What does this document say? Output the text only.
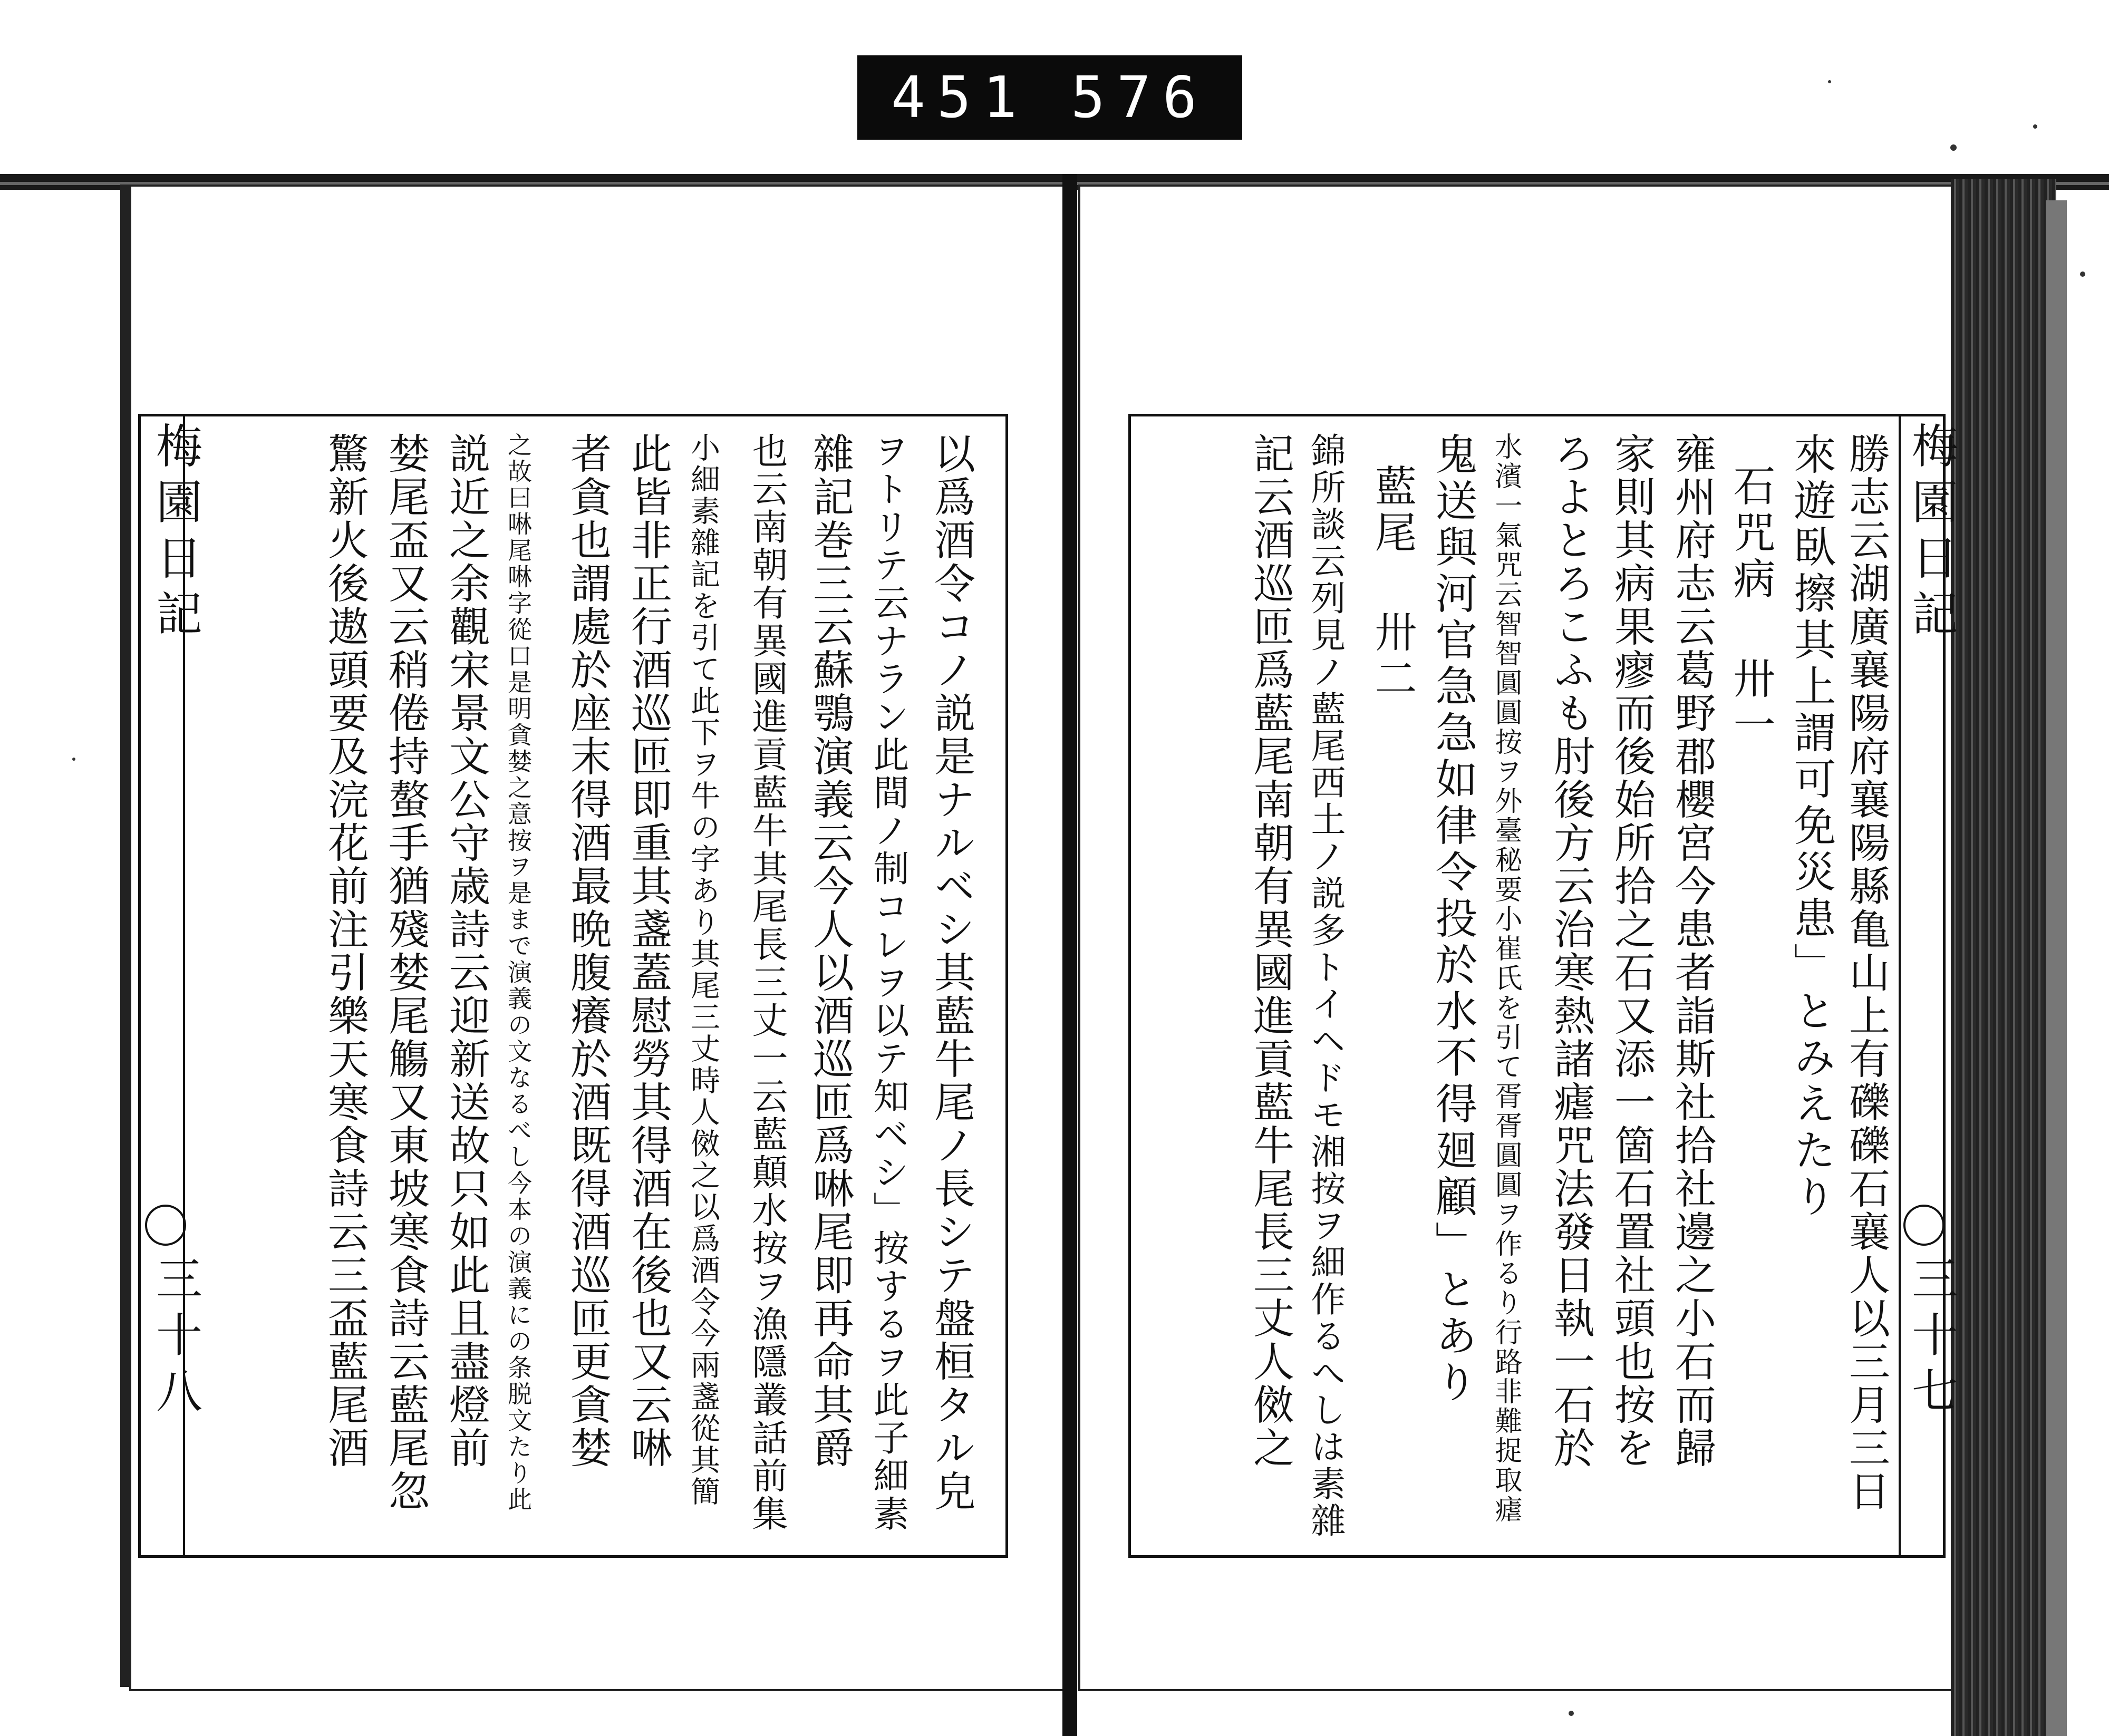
451 576
梅園日記
三十七
勝志云湖廣襄陽府襄陽縣亀山上有礫礫石襄人以三月三日
來遊臥擦其上謂可免災患」とみえたり
石咒病 卅一
雍州府志云葛野郡櫻宮今患者詣斯社拾社邊之小石而歸
家則其病果瘳而後始所拾之石又添一箇石置社頭也按を
ろよとろこふも肘後方云治寒熱諸瘧咒法發日執一石於
水濱一氣咒云智智圓圓按ヲ外臺秘要小崔氏を引て胥胥圓圓ヲ作るり行路非難捉取瘧
鬼送與河官急急如律令投於水不得廻顧」とあり
藍尾 卅二
錦所談云列見ノ藍尾西土ノ説多トイヘドモ湘按ヲ細作るへしは素雜
記云酒巡匝爲藍尾南朝有異國進貢藍牛尾長三丈人傚之
梅園日記
三十八	以爲酒令コノ説是ナルベシ其藍牛尾ノ長シテ盤桓タル皃
ヲトリテ云ナラン此間ノ制コレヲ以テ知ベシ」按するヲ此子細素
雜記巻三云蘇鶚演義云今人以酒巡匝爲啉尾即再命其爵
也云南朝有異國進貢藍牛其尾長三丈一云藍顛水按ヲ漁隱叢話前集
小細素雜記を引て此下ヲ牛の字あり其尾三丈時人傚之以爲酒令今兩盞從其簡
此皆非正行酒巡匝即重其盞蓋慰勞其得酒在後也又云啉
者貪也謂處於座末得酒最晩腹癢於酒既得酒巡匝更貪婪
之故曰啉尾啉字從口是明貪婪之意按ヲ是まで演義の文なるべし今本の演義にの条脱文たり此
説近之余觀宋景文公守歳詩云迎新送故只如此且盡燈前
婪尾盃又云稍倦持螯手猶殘婪尾觴又東坡寒食詩云藍尾忽
驚新火後遨頭要及浣花前注引樂天寒食詩云三盃藍尾酒
